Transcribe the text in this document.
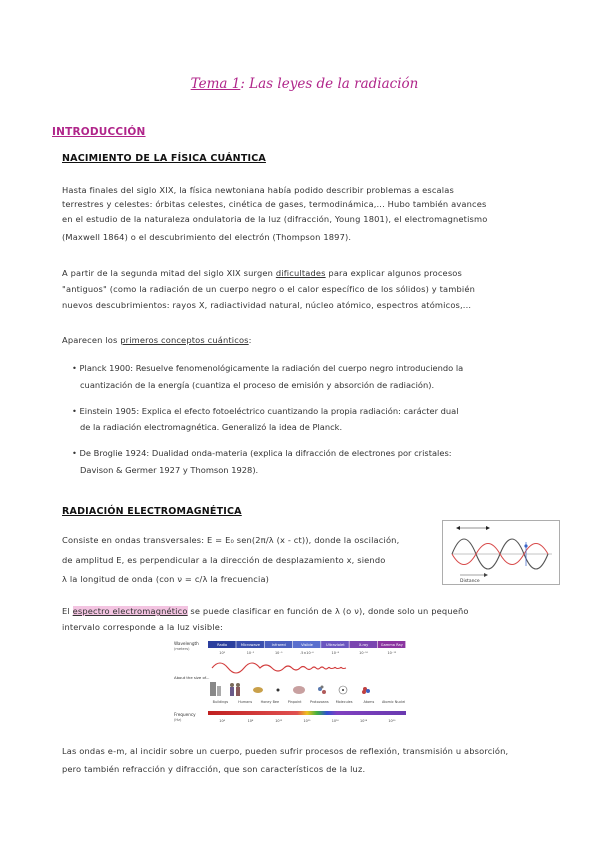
Tema 1: Las leyes de la radiación
INTRODUCCIÓN
NACIMIENTO DE LA FÍSICA CUÁNTICA
Hasta finales del siglo XIX, la física newtoniana había podido describir problemas a escalas
terrestres y celestes: órbitas celestes, cinética de gases, termodinámica,... Hubo también avances
en el estudio de la naturaleza ondulatoria de la luz (difracción, Young 1801), el electromagnetismo
(Maxwell 1864) o el descubrimiento del electrón (Thompson 1897).
A partir de la segunda mitad del siglo XIX surgen dificultades para explicar algunos procesos
"antiguos" (como la radiación de un cuerpo negro o el calor específico de los sólidos) y también
nuevos descubrimientos: rayos X, radiactividad natural, núcleo atómico, espectros atómicos,...
Aparecen los primeros conceptos cuánticos:
• Planck 1900: Resuelve fenomenológicamente la radiación del cuerpo negro introduciendo la
cuantización de la energía (cuantiza el proceso de emisión y absorción de radiación).
• Einstein 1905: Explica el efecto fotoeléctrico cuantizando la propia radiación: carácter dual
de la radiación electromagnética. Generalizó la idea de Planck.
• De Broglie 1924: Dualidad onda-materia (explica la difracción de electrones por cristales:
Davison & Germer 1927 y Thomson 1928).
RADIACIÓN ELECTROMAGNÉTICA
Consiste en ondas transversales: E = E₀ sen(2π/λ (x - ct)), donde la oscilación,
de amplitud E, es perpendicular a la dirección de desplazamiento x, siendo
λ la longitud de onda (con ν = c/λ la frecuencia)	Distance
El espectro electromagnético se puede clasificar en función de λ (o ν), donde solo un pequeño
intervalo corresponde a la luz visible:
Wavelength
(meters)
Radio	Microwave	Infrared	Visible	Ultraviolet	X-ray	Gamma Ray
10³	10⁻²	10⁻⁵	.5×10⁻⁶	10⁻⁸	10⁻¹⁰	10⁻¹²
About the size of...
Buildings	Humans	Honey Bee	Pinpoint	Protozoans Molecules	Atoms Atomic Nuclei
Frequency
(Hz)	10⁴	10⁸	10¹²	10¹⁵	10¹⁶	10¹⁸	10²⁰
Las ondas e-m, al incidir sobre un cuerpo, pueden sufrir procesos de reflexión, transmisión u absorción,
pero también refracción y difracción, que son característicos de la luz.
